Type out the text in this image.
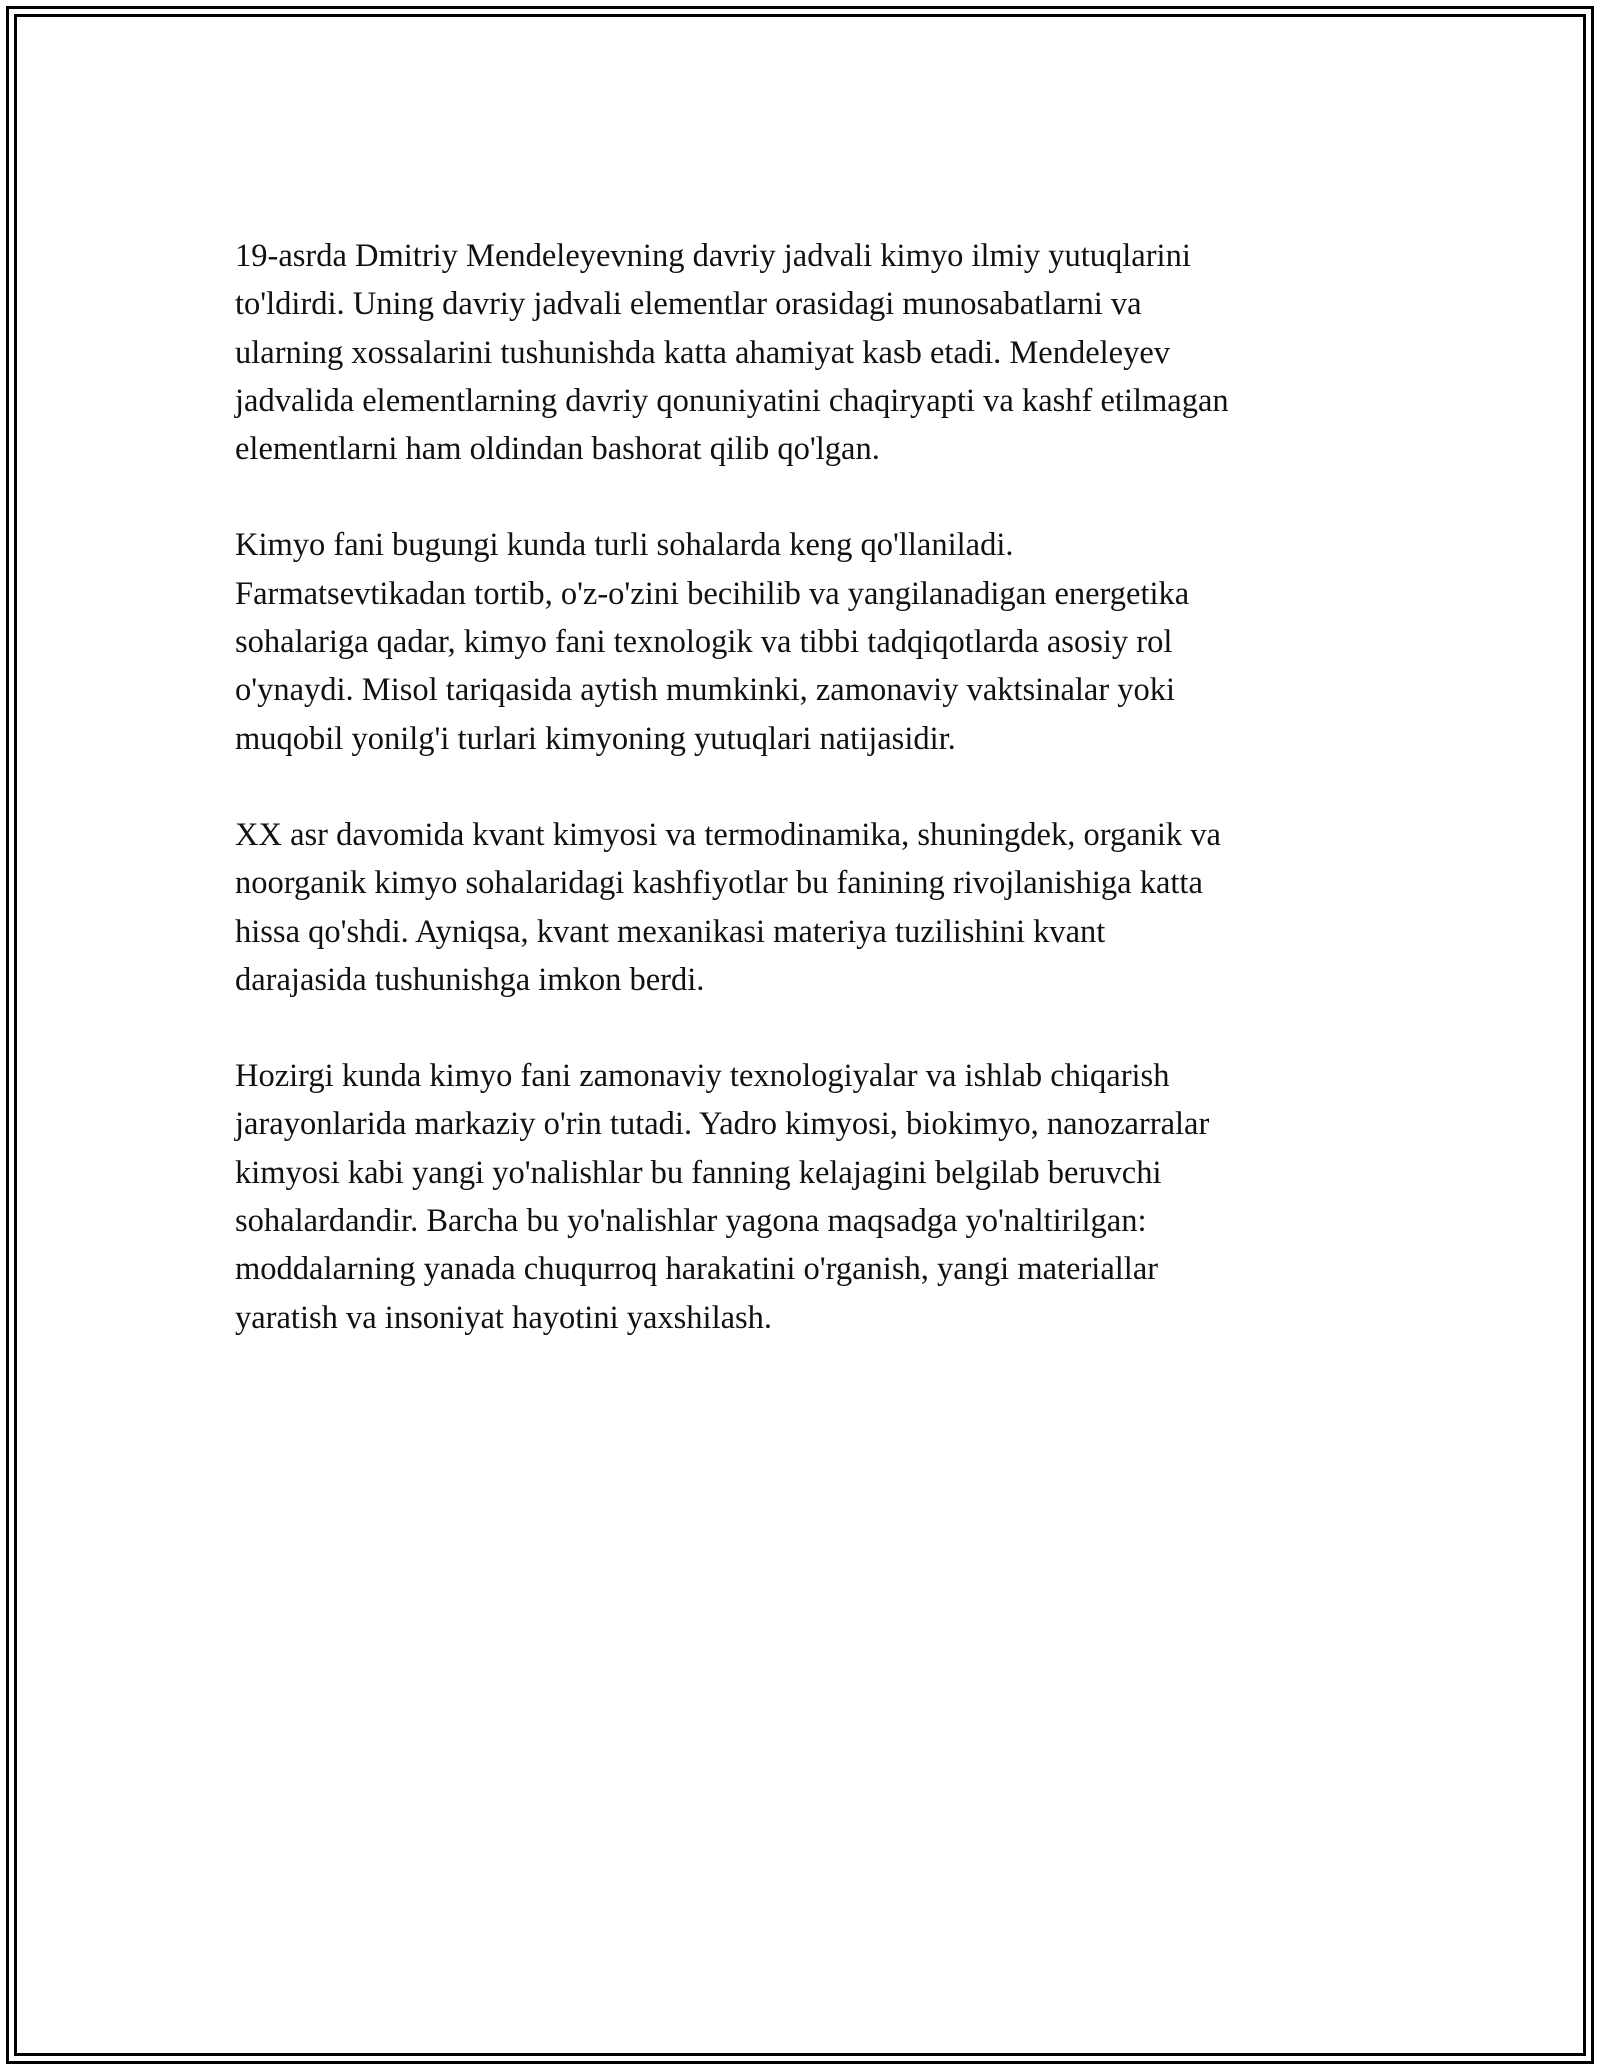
19-asrda Dmitriy Mendeleyevning davriy jadvali kimyo ilmiy yutuqlarini
to'ldirdi. Uning davriy jadvali elementlar orasidagi munosabatlarni va
ularning xossalarini tushunishda katta ahamiyat kasb etadi. Mendeleyev
jadvalida elementlarning davriy qonuniyatini chaqiryapti va kashf etilmagan
elementlarni ham oldindan bashorat qilib qo'lgan.

Kimyo fani bugungi kunda turli sohalarda keng qo'llaniladi.
Farmatsevtikadan tortib, o'z-o'zini becihilib va yangilanadigan energetika
sohalariga qadar, kimyo fani texnologik va tibbi tadqiqotlarda asosiy rol
o'ynaydi. Misol tariqasida aytish mumkinki, zamonaviy vaktsinalar yoki
muqobil yonilg'i turlari kimyoning yutuqlari natijasidir.

XX asr davomida kvant kimyosi va termodinamika, shuningdek, organik va
noorganik kimyo sohalaridagi kashfiyotlar bu fanining rivojlanishiga katta
hissa qo'shdi. Ayniqsa, kvant mexanikasi materiya tuzilishini kvant
darajasida tushunishga imkon berdi.

Hozirgi kunda kimyo fani zamonaviy texnologiyalar va ishlab chiqarish
jarayonlarida markaziy o'rin tutadi. Yadro kimyosi, biokimyo, nanozarralar
kimyosi kabi yangi yo'nalishlar bu fanning kelajagini belgilab beruvchi
sohalardandir. Barcha bu yo'nalishlar yagona maqsadga yo'naltirilgan:
moddalarning yanada chuqurroq harakatini o'rganish, yangi materiallar
yaratish va insoniyat hayotini yaxshilash.
